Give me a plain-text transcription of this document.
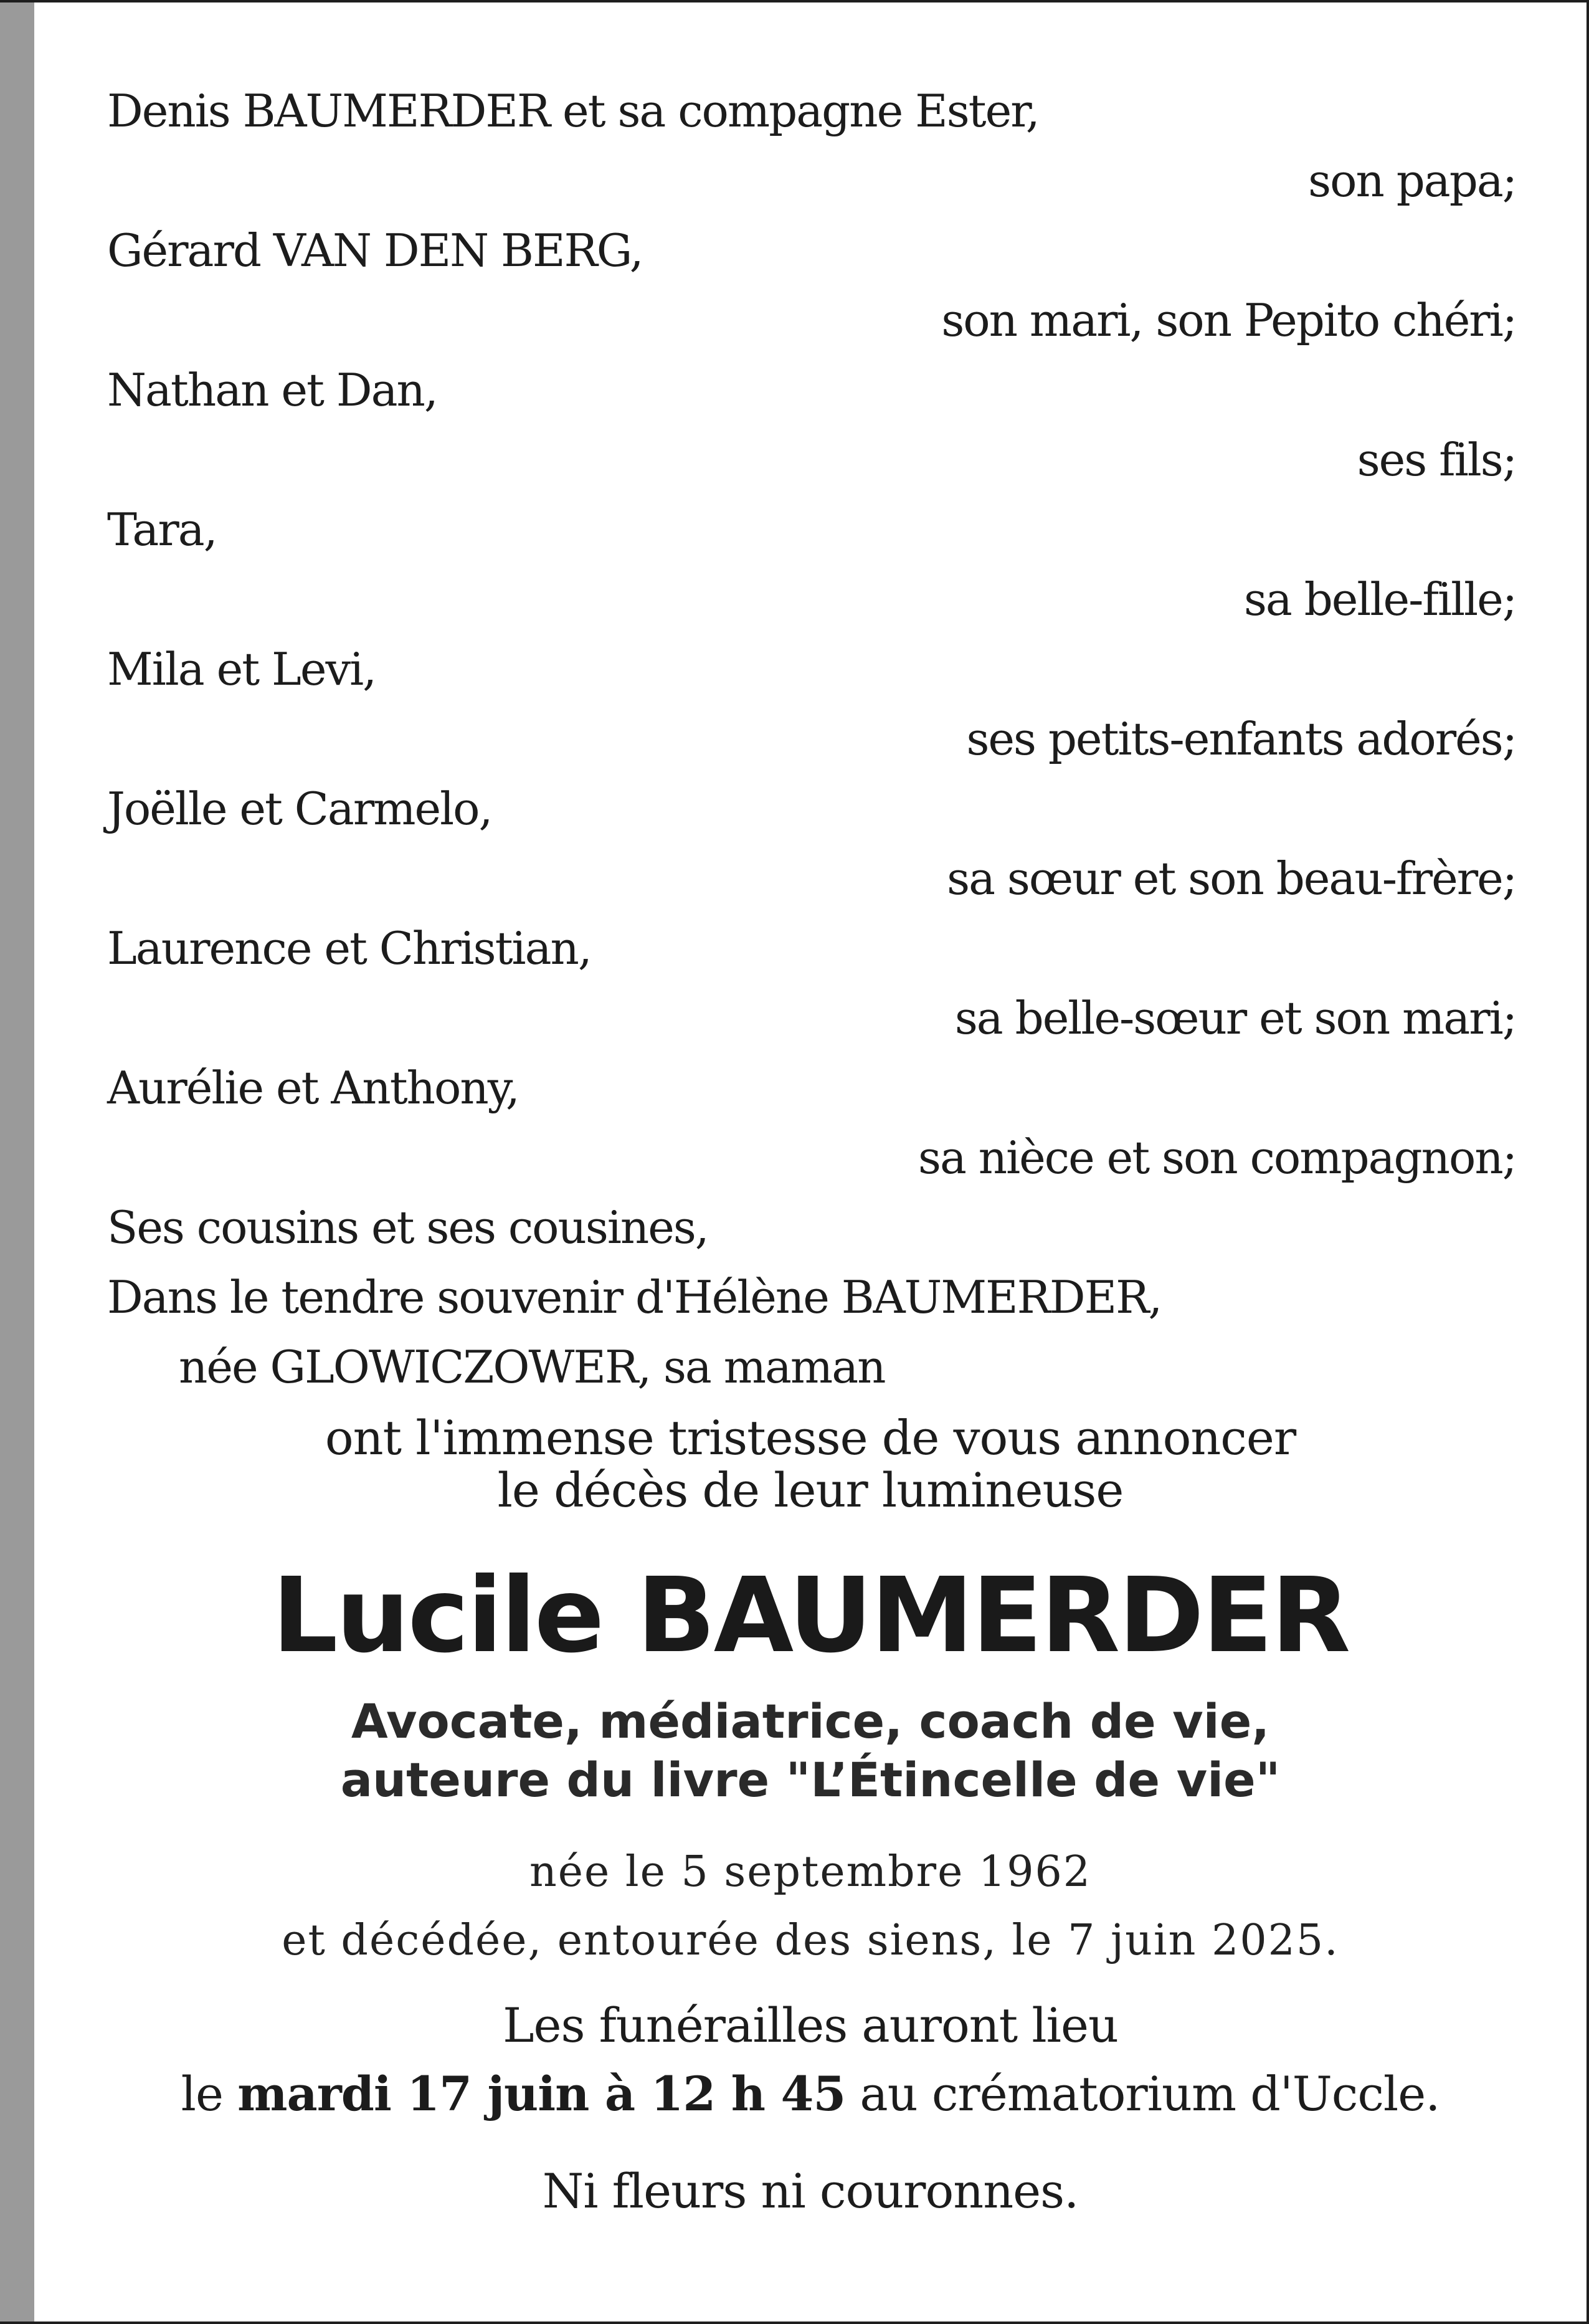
Denis BAUMERDER et sa compagne Ester,
son papa;
Gérard VAN DEN BERG,
son mari, son Pepito chéri;
Nathan et Dan,
ses fils;
Tara,
sa belle-fille;
Mila et Levi,
ses petits-enfants adorés;
Joëlle et Carmelo,
sa sœur et son beau-frère;
Laurence et Christian,
sa belle-sœur et son mari;
Aurélie et Anthony,
sa nièce et son compagnon;
Ses cousins et ses cousines,
Dans le tendre souvenir d'Hélène BAUMERDER,
née GLOWICZOWER, sa maman
ont l'immense tristesse de vous annoncer
le décès de leur lumineuse
Lucile BAUMERDER
Avocate, médiatrice, coach de vie,
auteure du livre "L’Étincelle de vie"
née le 5 septembre 1962
et décédée, entourée des siens, le 7 juin 2025.
Les funérailles auront lieu
le mardi 17 juin à 12 h 45 au crématorium d'Uccle.
Ni fleurs ni couronnes.
